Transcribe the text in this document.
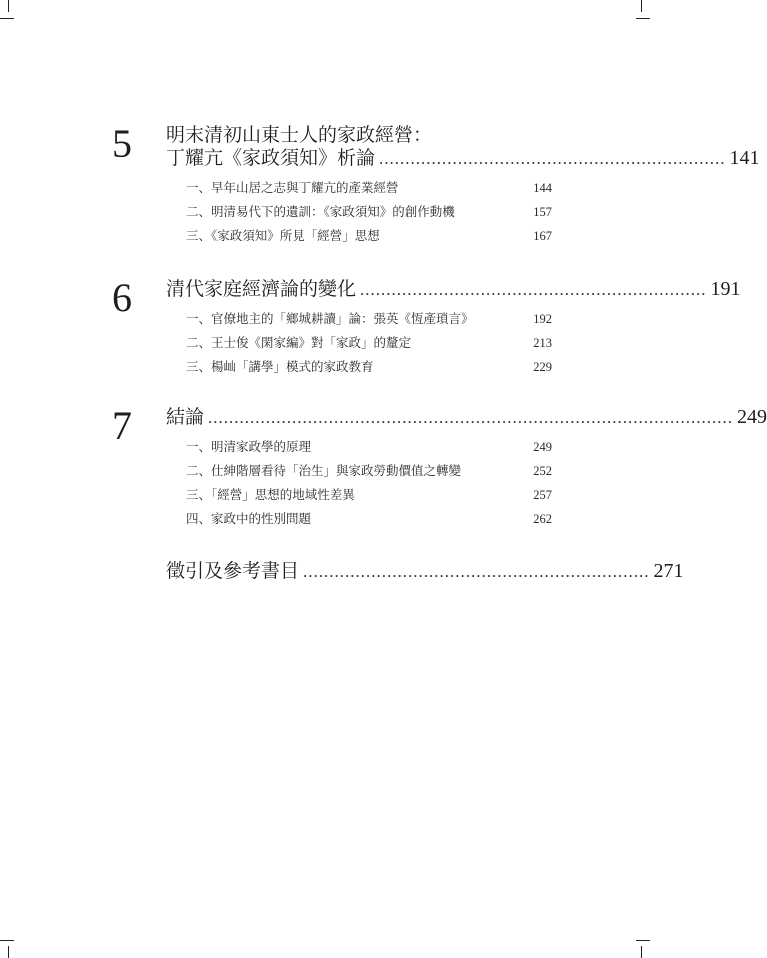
5 明末清初山東士人的家政經營：
丁耀亢《家政須知》析論 .................................................................. 141
一、早年山居之志與丁耀亢的產業經營	144
二、明清易代下的遺訓：《家政須知》的創作動機	157
三、《家政須知》所見「經營」思想	167
6 清代家庭經濟論的變化 .................................................................. 191
一、官僚地主的「鄉城耕讀」論：張英《恆產瑣言》	192
二、王士俊《閑家編》對「家政」的釐定	213
三、楊屾「講學」模式的家政教育	229
7 結論 .................................................................................................... 249
一、明清家政學的原理	249
二、仕紳階層看待「治生」與家政勞動價值之轉變	252
三、「經營」思想的地域性差異	257
四、家政中的性別問題	262
徵引及參考書目 .................................................................. 271
